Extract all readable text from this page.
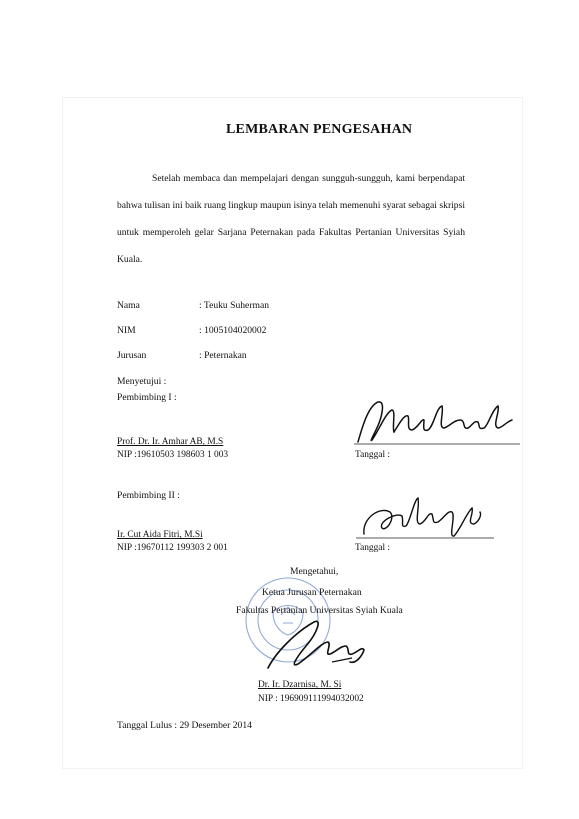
LEMBARAN PENGESAHAN
Setelah membaca dan mempelajari dengan sungguh-sungguh, kami berpendapat bahwa tulisan ini baik ruang lingkup maupun isinya telah memenuhi syarat sebagai skripsi untuk memperoleh gelar Sarjana Peternakan pada Fakultas Pertanian Universitas Syiah Kuala.
Nama	: Teuku Suherman
NIM	: 1005104020002
Jurusan	: Peternakan
Menyetujui :
Pembimbing I :
Prof. Dr. Ir. Amhar AB, M.S
NIP :19610503 198603 1 003	Tanggal :
Pembimbing II :
Ir. Cut Aida Fitri, M.Si
NIP :19670112 199303 2 001	Tanggal :
Mengetahui,
Ketua Jurusan Peternakan
Fakultas Pertanian Universitas Syiah Kuala
Dr. Ir. Dzarnisa, M. Si
NIP : 196909111994032002
Tanggal Lulus : 29 Desember 2014
